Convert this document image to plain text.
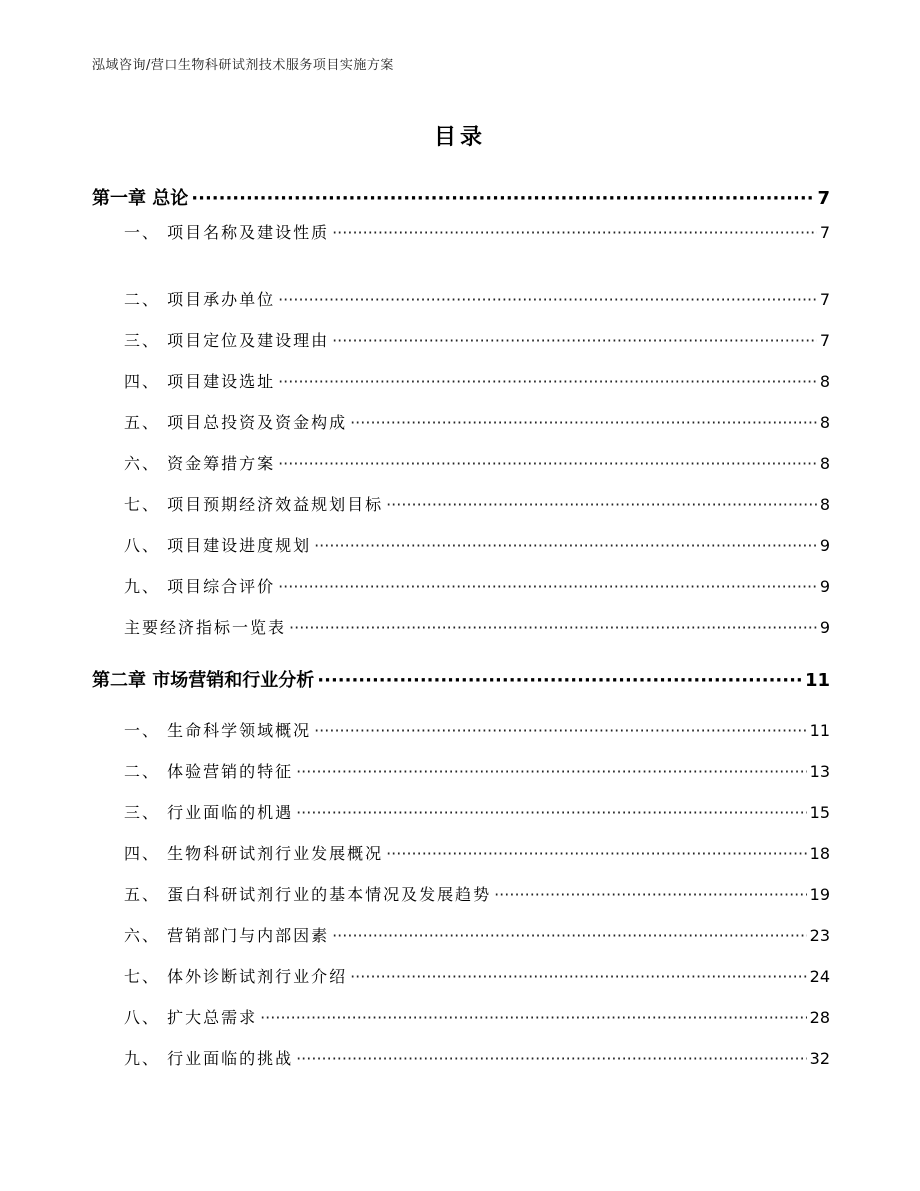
泓域咨询/营口生物科研试剂技术服务项目实施方案
目录
第一章 总论 ·····	7
一、 项目名称及建设性质 ·····	7
二、 项目承办单位 ·····	7
三、 项目定位及建设理由 ·····	7
四、 项目建设选址 ·····	8
五、 项目总投资及资金构成 ·····	8
六、 资金筹措方案 ·····	8
七、 项目预期经济效益规划目标 ·····	8
八、 项目建设进度规划 ·····	9
九、 项目综合评价 ·····	9
主要经济指标一览表 ·····	9
第二章 市场营销和行业分析 ·····	11
一、 生命科学领域概况 ·····	11
二、 体验营销的特征 ·····	13
三、 行业面临的机遇 ·····	15
四、 生物科研试剂行业发展概况 ·····	18
五、 蛋白科研试剂行业的基本情况及发展趋势 ·····	19
六、 营销部门与内部因素 ·····	23
七、 体外诊断试剂行业介绍 ·····	24
八、 扩大总需求 ·····	28
九、 行业面临的挑战 ·····	32
